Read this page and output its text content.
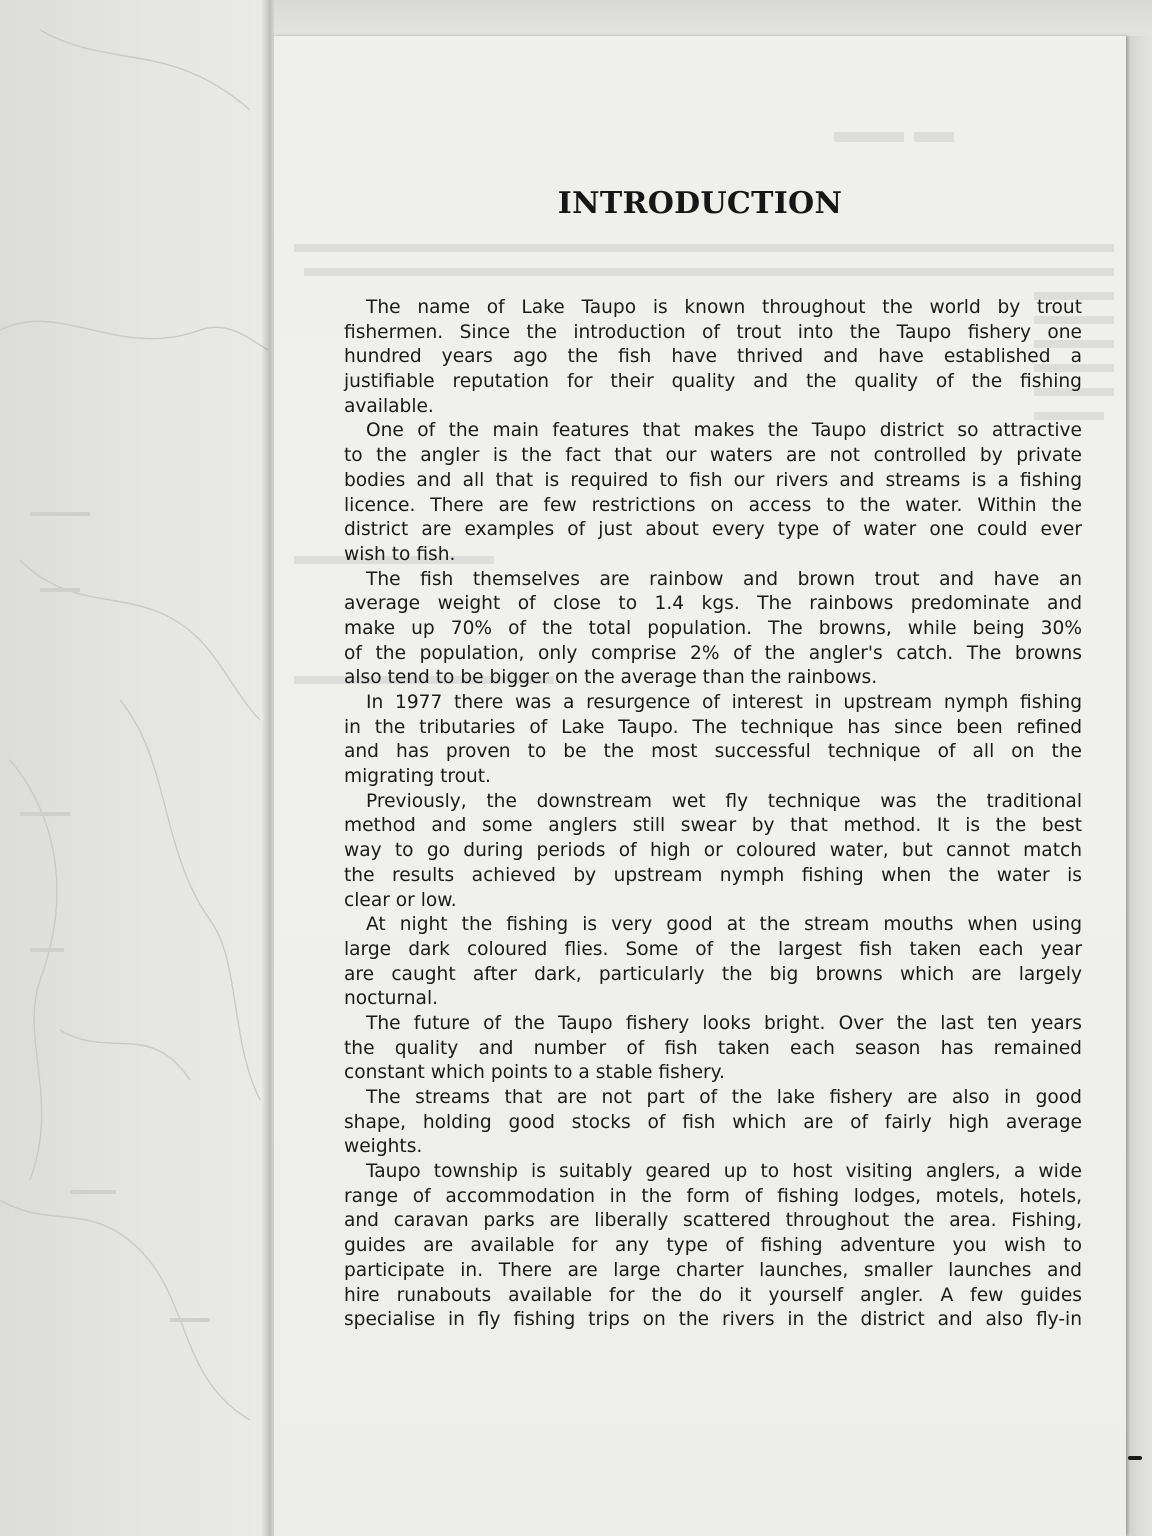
INTRODUCTION

The name of Lake Taupo is known throughout the world by trout
fishermen. Since the introduction of trout into the Taupo fishery one
hundred years ago the fish have thrived and have established a
justifiable reputation for their quality and the quality of the fishing
available.

One of the main features that makes the Taupo district so attractive
to the angler is the fact that our waters are not controlled by private
bodies and all that is required to fish our rivers and streams is a fishing
licence. There are few restrictions on access to the water. Within the
district are examples of just about every type of water one could ever
wish to fish.

The fish themselves are rainbow and brown trout and have an
average weight of close to 1.4 kgs. The rainbows predominate and
make up 70% of the total population. The browns, while being 30%
of the population, only comprise 2% of the angler's catch. The browns
also tend to be bigger on the average than the rainbows.

In 1977 there was a resurgence of interest in upstream nymph fishing
in the tributaries of Lake Taupo. The technique has since been refined
and has proven to be the most successful technique of all on the
migrating trout.

Previously, the downstream wet fly technique was the traditional
method and some anglers still swear by that method. It is the best
way to go during periods of high or coloured water, but cannot match
the results achieved by upstream nymph fishing when the water is
clear or low.

At night the fishing is very good at the stream mouths when using
large dark coloured flies. Some of the largest fish taken each year
are caught after dark, particularly the big browns which are largely
nocturnal.

The future of the Taupo fishery looks bright. Over the last ten years
the quality and number of fish taken each season has remained
constant which points to a stable fishery.

The streams that are not part of the lake fishery are also in good
shape, holding good stocks of fish which are of fairly high average
weights.

Taupo township is suitably geared up to host visiting anglers, a wide
range of accommodation in the form of fishing lodges, motels, hotels,
and caravan parks are liberally scattered throughout the area. Fishing,
guides are available for any type of fishing adventure you wish to
participate in. There are large charter launches, smaller launches and
hire runabouts available for the do it yourself angler. A few guides
specialise in fly fishing trips on the rivers in the district and also fly-in
